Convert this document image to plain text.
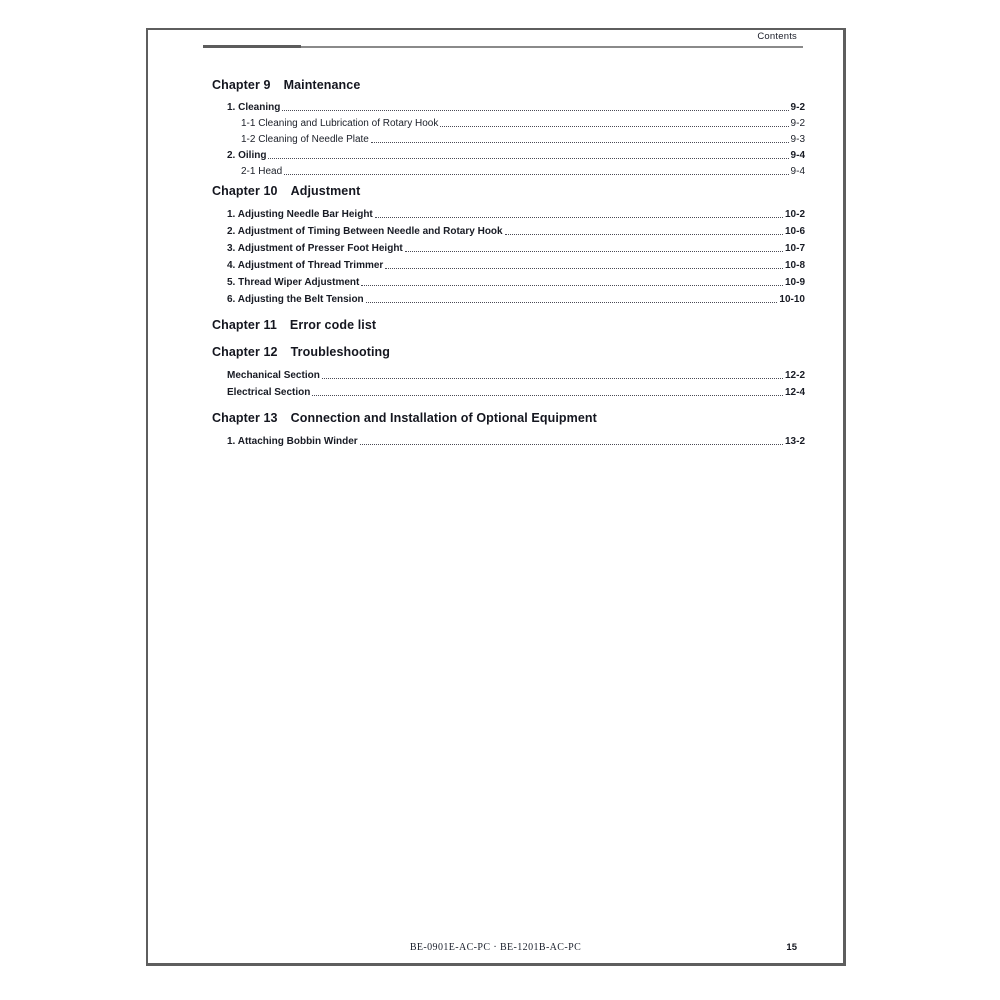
Contents
Chapter 9 Maintenance
1. Cleaning	9-2
1-1 Cleaning and Lubrication of Rotary Hook	9-2
1-2 Cleaning of Needle Plate	9-3
2. Oiling	9-4
2-1 Head	9-4
Chapter 10 Adjustment
1. Adjusting Needle Bar Height	10-2
2. Adjustment of Timing Between Needle and Rotary Hook	10-6
3. Adjustment of Presser Foot Height	10-7
4. Adjustment of Thread Trimmer	10-8
5. Thread Wiper Adjustment	10-9
6. Adjusting the Belt Tension	10-10
Chapter 11 Error code list
Chapter 12 Troubleshooting
Mechanical Section	12-2
Electrical Section	12-4
Chapter 13 Connection and Installation of Optional Equipment
1. Attaching Bobbin Winder	13-2
BE-0901E-AC-PC · BE-1201B-AC-PC	15
